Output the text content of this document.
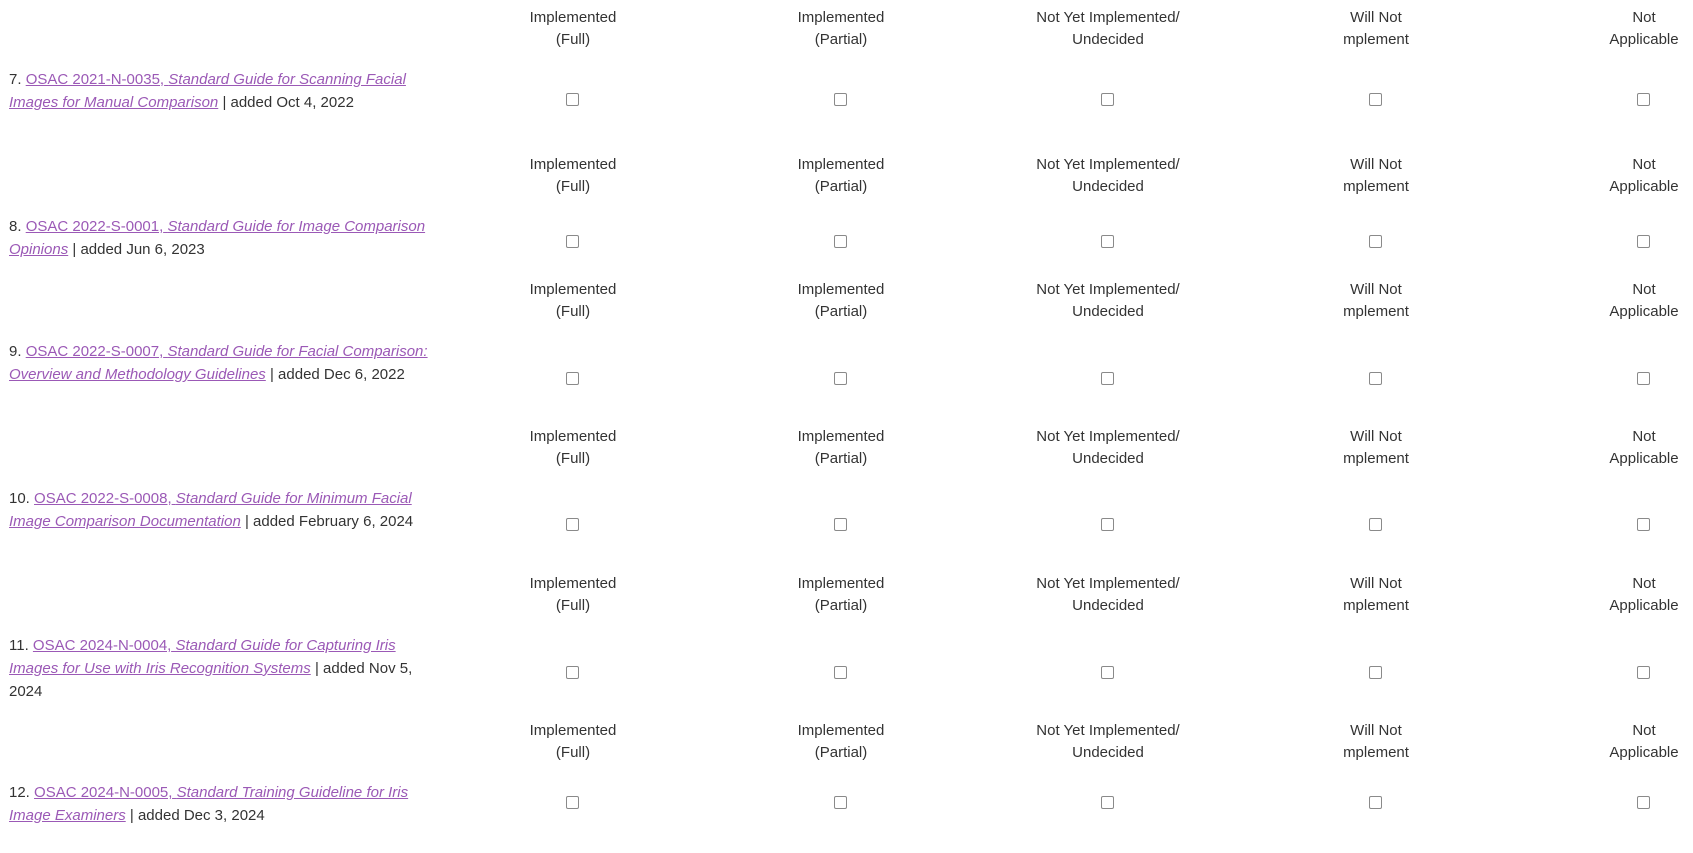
Implemented
(Full)
Implemented
(Partial)
Not Yet Implemented/
Undecided
Will Not
mplement
Not
Applicable
7. OSAC 2021-N-0035, Standard Guide for Scanning Facial Images for Manual Comparison | added Oct 4, 2022
Implemented
(Full)
Implemented
(Partial)
Not Yet Implemented/
Undecided
Will Not
mplement
Not
Applicable
8. OSAC 2022-S-0001, Standard Guide for Image Comparison Opinions | added Jun 6, 2023
Implemented
(Full)
Implemented
(Partial)
Not Yet Implemented/
Undecided
Will Not
mplement
Not
Applicable
9. OSAC 2022-S-0007, Standard Guide for Facial Comparison: Overview and Methodology Guidelines | added Dec 6, 2022
Implemented
(Full)
Implemented
(Partial)
Not Yet Implemented/
Undecided
Will Not
mplement
Not
Applicable
10. OSAC 2022-S-0008, Standard Guide for Minimum Facial Image Comparison Documentation | added February 6, 2024
Implemented
(Full)
Implemented
(Partial)
Not Yet Implemented/
Undecided
Will Not
mplement
Not
Applicable
11. OSAC 2024-N-0004, Standard Guide for Capturing Iris Images for Use with Iris Recognition Systems | added Nov 5, 2024
Implemented
(Full)
Implemented
(Partial)
Not Yet Implemented/
Undecided
Will Not
mplement
Not
Applicable
12. OSAC 2024-N-0005, Standard Training Guideline for Iris Image Examiners | added Dec 3, 2024
